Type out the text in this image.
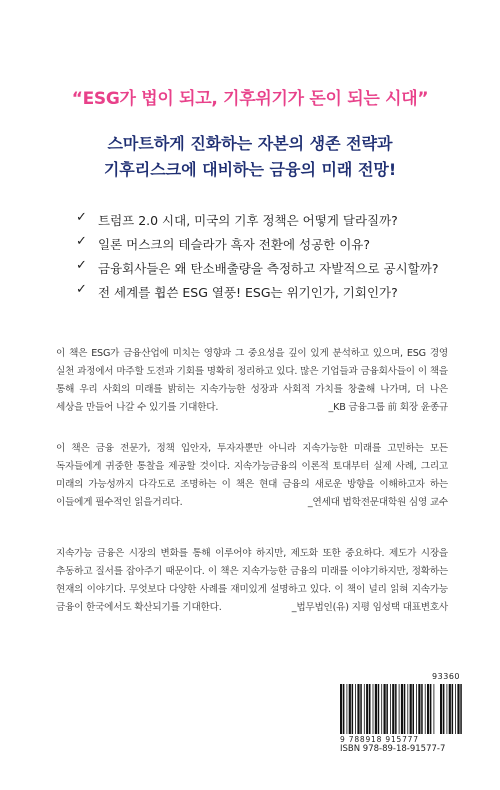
“ESG가 법이 되고, 기후위기가 돈이 되는 시대”
스마트하게 진화하는 자본의 생존 전략과
기후리스크에 대비하는 금융의 미래 전망!
✓ 트럼프 2.0 시대, 미국의 기후 정책은 어떻게 달라질까?
✓ 일론 머스크의 테슬라가 흑자 전환에 성공한 이유?
✓ 금융회사들은 왜 탄소배출량을 측정하고 자발적으로 공시할까?
✓ 전 세계를 휩쓴 ESG 열풍! ESG는 위기인가, 기회인가?
이 책은 ESG가 금융산업에 미치는 영향과 그 중요성을 깊이 있게 분석하고 있으며, ESG 경영 실천 과정에서 마주할 도전과 기회를 명확히 정리하고 있다. 많은 기업들과 금융회사들이 이 책을 통해 우리 사회의 미래를 밝히는 지속가능한 성장과 사회적 가치를 창출해 나가며, 더 나은 세상을 만들어 나갈 수 있기를 기대한다.	_KB 금융그룹 前 회장 윤종규
이 책은 금융 전문가, 정책 입안자, 투자자뿐만 아니라 지속가능한 미래를 고민하는 모든 독자들에게 귀중한 통찰을 제공할 것이다. 지속가능금융의 이론적 토대부터 실제 사례, 그리고 미래의 가능성까지 다각도로 조명하는 이 책은 현대 금융의 새로운 방향을 이해하고자 하는 이들에게 필수적인 읽을거리다.	_연세대 법학전문대학원 심영 교수
지속가능 금융은 시장의 변화를 통해 이루어야 하지만, 제도화 또한 중요하다. 제도가 시장을 추동하고 질서를 잡아주기 때문이다. 이 책은 지속가능한 금융의 미래를 이야기하지만, 정확하는 현재의 이야기다. 무엇보다 다양한 사례를 재미있게 설명하고 있다. 이 책이 널리 읽혀 지속가능 금융이 한국에서도 확산되기를 기대한다.	_법무법인(유) 지평 임성택 대표변호사
93360
9 788918 915777
ISBN 978-89-18-91577-7
